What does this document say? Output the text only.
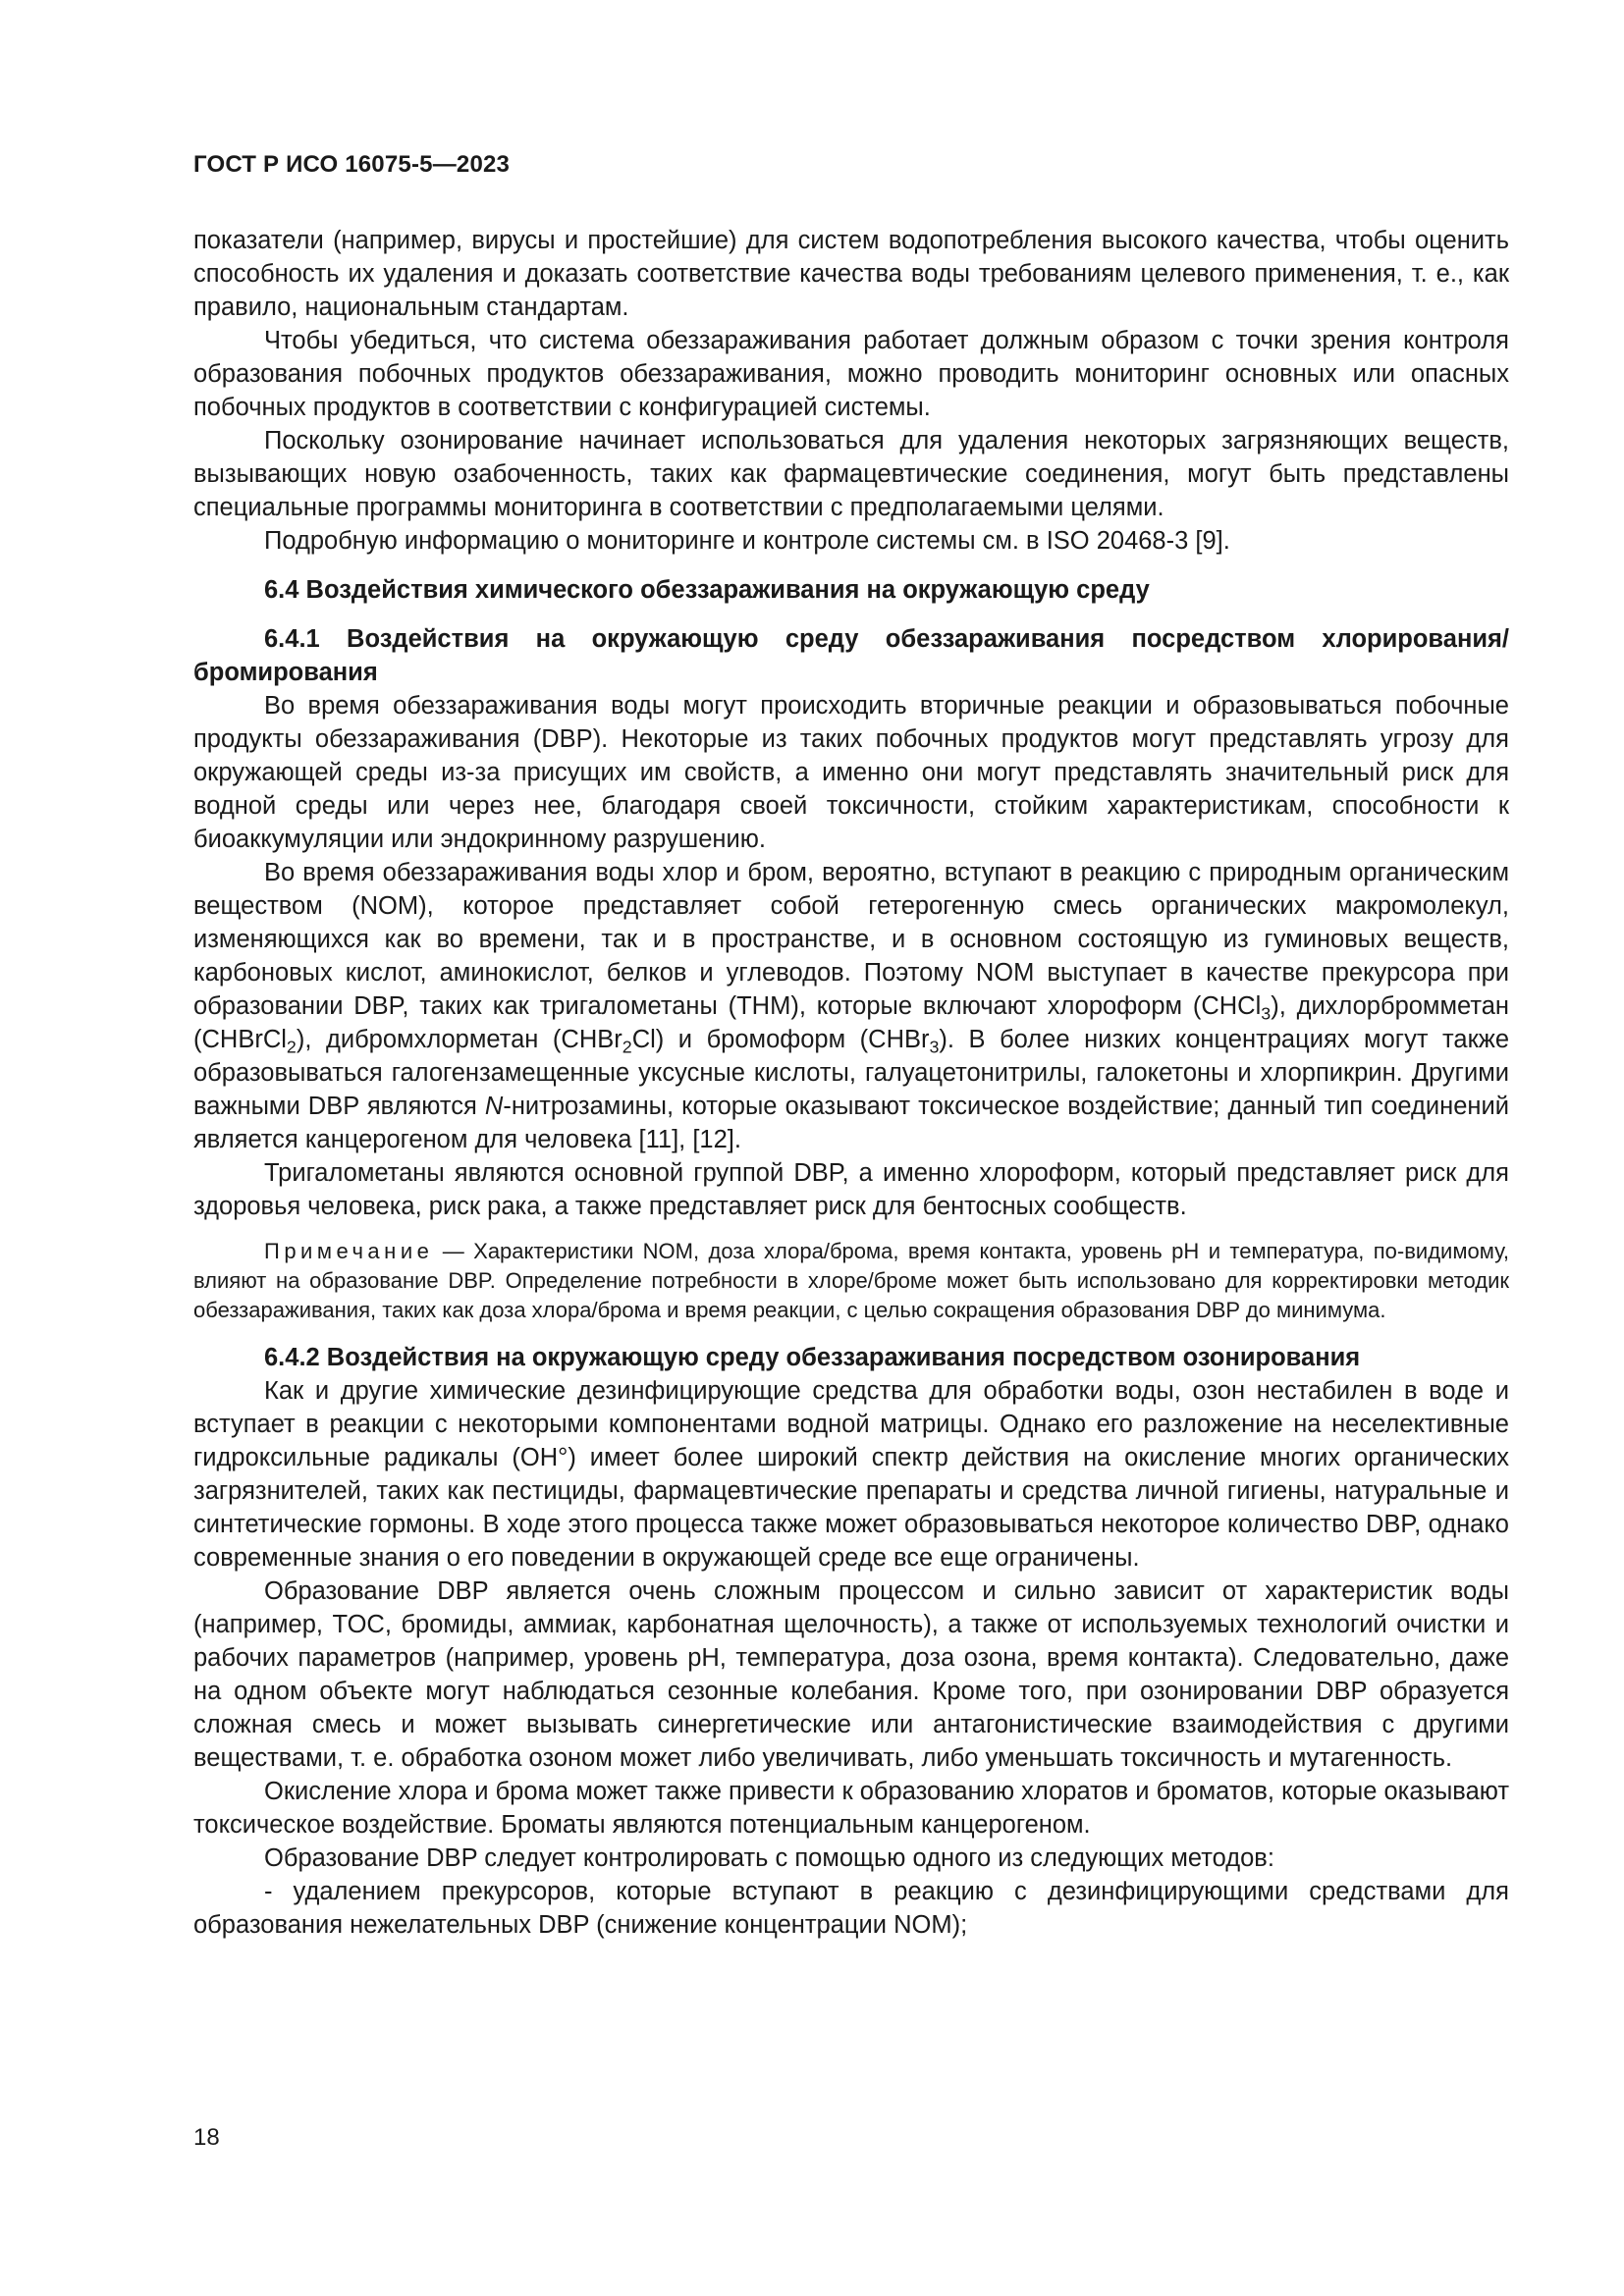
ГОСТ Р ИСО 16075-5—2023

показатели (например, вирусы и простейшие) для систем водопотребления высокого качества, чтобы оценить способность их удаления и доказать соответствие качества воды требованиям целевого применения, т. е., как правило, национальным стандартам.

Чтобы убедиться, что система обеззараживания работает должным образом с точки зрения контроля образования побочных продуктов обеззараживания, можно проводить мониторинг основных или опасных побочных продуктов в соответствии с конфигурацией системы.

Поскольку озонирование начинает использоваться для удаления некоторых загрязняющих веществ, вызывающих новую озабоченность, таких как фармацевтические соединения, могут быть представлены специальные программы мониторинга в соответствии с предполагаемыми целями.

Подробную информацию о мониторинге и контроле системы см. в ISO 20468-3 [9].

6.4 Воздействия химического обеззараживания на окружающую среду

6.4.1 Воздействия на окружающую среду обеззараживания посредством хлорирования/бромирования

Во время обеззараживания воды могут происходить вторичные реакции и образовываться побочные продукты обеззараживания (DBP). Некоторые из таких побочных продуктов могут представлять угрозу для окружающей среды из-за присущих им свойств, а именно они могут представлять значительный риск для водной среды или через нее, благодаря своей токсичности, стойким характеристикам, способности к биоаккумуляции или эндокринному разрушению.

Во время обеззараживания воды хлор и бром, вероятно, вступают в реакцию с природным органическим веществом (NOM), которое представляет собой гетерогенную смесь органических макромолекул, изменяющихся как во времени, так и в пространстве, и в основном состоящую из гуминовых веществ, карбоновых кислот, аминокислот, белков и углеводов. Поэтому NOM выступает в качестве прекурсора при образовании DBP, таких как тригалометаны (THM), которые включают хлороформ (CHCl$_3$), дихлорбромметан (CHBrCl$_2$), дибромхлорметан (CHBr$_2$Cl) и бромоформ (CHBr$_3$). В более низких концентрациях могут также образовываться галогензамещенные уксусные кислоты, галуацетонитрилы, галокетоны и хлорпикрин. Другими важными DBP являются N-нитрозамины, которые оказывают токсическое воздействие; данный тип соединений является канцерогеном для человека [11], [12].

Тригалометаны являются основной группой DBP, а именно хлороформ, который представляет риск для здоровья человека, риск рака, а также представляет риск для бентосных сообществ.

Примечание — Характеристики NOM, доза хлора/брома, время контакта, уровень pH и температура, по-видимому, влияют на образование DBP. Определение потребности в хлоре/броме может быть использовано для корректировки методик обеззараживания, таких как доза хлора/брома и время реакции, с целью сокращения образования DBP до минимума.

6.4.2 Воздействия на окружающую среду обеззараживания посредством озонирования

Как и другие химические дезинфицирующие средства для обработки воды, озон нестабилен в воде и вступает в реакции с некоторыми компонентами водной матрицы. Однако его разложение на неселективные гидроксильные радикалы (OH°) имеет более широкий спектр действия на окисление многих органических загрязнителей, таких как пестициды, фармацевтические препараты и средства личной гигиены, натуральные и синтетические гормоны. В ходе этого процесса также может образовываться некоторое количество DBP, однако современные знания о его поведении в окружающей среде все еще ограничены.

Образование DBP является очень сложным процессом и сильно зависит от характеристик воды (например, TOC, бромиды, аммиак, карбонатная щелочность), а также от используемых технологий очистки и рабочих параметров (например, уровень pH, температура, доза озона, время контакта). Следовательно, даже на одном объекте могут наблюдаться сезонные колебания. Кроме того, при озонировании DBP образуется сложная смесь и может вызывать синергетические или антагонистические взаимодействия с другими веществами, т. е. обработка озоном может либо увеличивать, либо уменьшать токсичность и мутагенность.

Окисление хлора и брома может также привести к образованию хлоратов и броматов, которые оказывают токсическое воздействие. Броматы являются потенциальным канцерогеном.

Образование DBP следует контролировать с помощью одного из следующих методов:

- удалением прекурсоров, которые вступают в реакцию с дезинфицирующими средствами для образования нежелательных DBP (снижение концентрации NOM);

18
